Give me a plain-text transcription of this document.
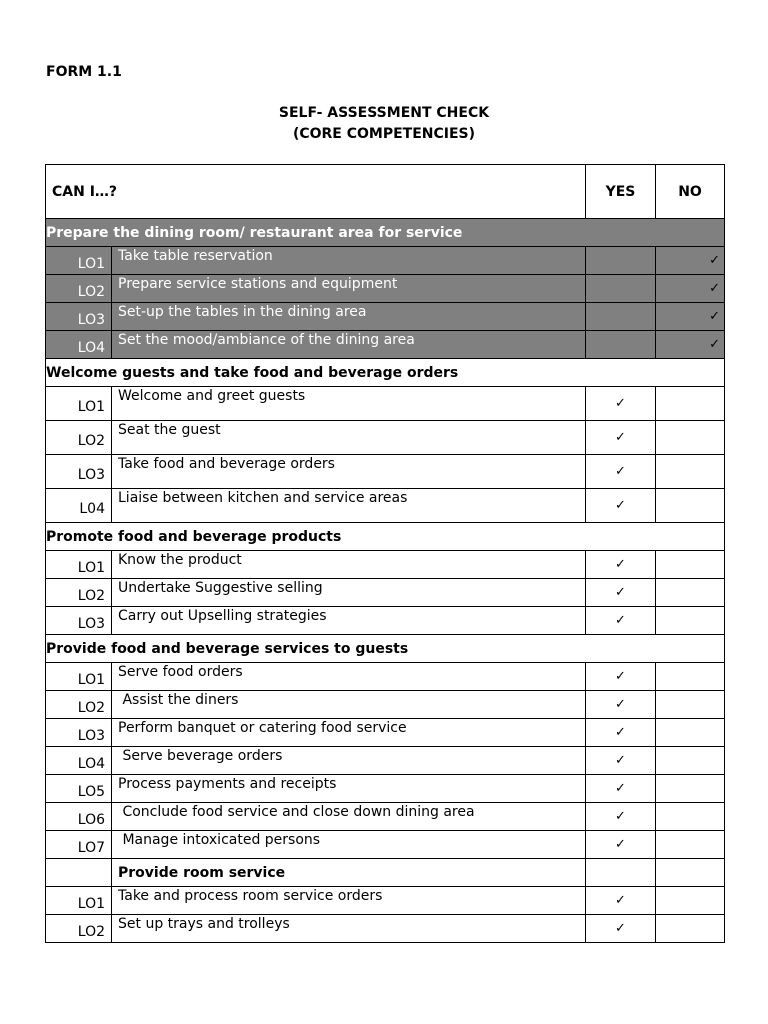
FORM 1.1
SELF- ASSESSMENT CHECK
(CORE COMPETENCIES)
CAN I…?		YES	NO
Prepare the dining room/ restaurant area for service			
LO1	Take table reservation		✓
LO2	Prepare service stations and equipment		✓
LO3	Set-up the tables in the dining area		✓
LO4	Set the mood/ambiance of the dining area		✓
Welcome guests and take food and beverage orders			
LO1	Welcome and greet guests	✓	
LO2	Seat the guest	✓	
LO3	Take food and beverage orders	✓	
L04	Liaise between kitchen and service areas	✓	
Promote food and beverage products			
LO1	Know the product	✓	
LO2	Undertake Suggestive selling	✓	
LO3	Carry out Upselling strategies	✓	
Provide food and beverage services to guests			
LO1	Serve food orders	✓	
LO2	Assist the diners	✓	
LO3	Perform banquet or catering food service	✓	
LO4	Serve beverage orders	✓	
LO5	Process payments and receipts	✓	
LO6	Conclude food service and close down dining area	✓	
LO7	Manage intoxicated persons	✓	
	Provide room service		
LO1	Take and process room service orders	✓	
LO2	Set up trays and trolleys	✓	
